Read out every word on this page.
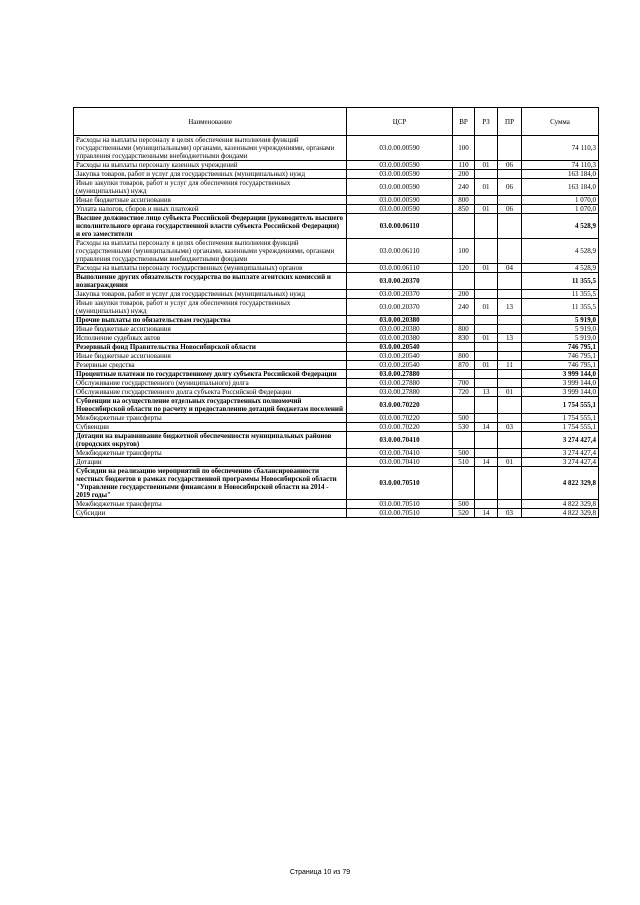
Наименование	ЦСР	ВР	РЗ	ПР	Сумма
Расходы на выплаты персоналу в целях обеспечения выполнения функций государственными (муниципальными) органами, казенными учреждениями, органами управления государственными внебюджетными фондами	03.0.00.00590	100			74 110,3
Расходы на выплаты персоналу казенных учреждений	03.0.00.00590	110	01	06	74 110,3
Закупка товаров, работ и услуг для государственных (муниципальных) нужд	03.0.00.00590	200			163 184,0
Иные закупки товаров, работ и услуг для обеспечения государственных (муниципальных) нужд	03.0.00.00590	240	01	06	163 184,0
Иные бюджетные ассигнования	03.0.00.00590	800			1 070,0
Уплата налогов, сборов и иных платежей	03.0.00.00590	850	01	06	1 070,0
Высшее должностное лицо субъекта Российской Федерации (руководитель высшего исполнительного органа государственной власти субъекта Российской Федерации) и его заместители	03.0.00.06110				4 528,9
Расходы на выплаты персоналу в целях обеспечения выполнения функций государственными (муниципальными) органами, казенными учреждениями, органами управления государственными внебюджетными фондами	03.0.00.06110	100			4 528,9
Расходы на выплаты персоналу государственных (муниципальных) органов	03.0.00.06110	120	01	04	4 528,9
Выполнение других обязательств государства по выплате агентских комиссий и вознаграждения	03.0.00.20370				11 355,5
Закупка товаров, работ и услуг для государственных (муниципальных) нужд	03.0.00.20370	200			11 355,5
Иные закупки товаров, работ и услуг для обеспечения государственных (муниципальных) нужд	03.0.00.20370	240	01	13	11 355,5
Прочие выплаты по обязательствам государства	03.0.00.20380				5 919,0
Иные бюджетные ассигнования	03.0.00.20380	800			5 919,0
Исполнение судебных актов	03.0.00.20380	830	01	13	5 919,0
Резервный фонд Правительства Новосибирской области	03.0.00.20540				746 795,1
Иные бюджетные ассигнования	03.0.00.20540	800			746 795,1
Резервные средства	03.0.00.20540	870	01	11	746 795,1
Процентные платежи по государственному долгу субъекта Российской Федерации	03.0.00.27880				3 999 144,0
Обслуживание государственного (муниципального) долга	03.0.00.27880	700			3 999 144,0
Обслуживание государственного долга субъекта Российской Федерации	03.0.00.27880	720	13	01	3 999 144,0
Субвенции на осуществление отдельных государственных полномочий Новосибирской области по расчету и предоставлению дотаций бюджетам поселений	03.0.00.70220				1 754 555,1
Межбюджетные трансферты	03.0.00.70220	500			1 754 555,1
Субвенции	03.0.00.70220	530	14	03	1 754 555,1
Дотации на выравнивание бюджетной обеспеченности муниципальных районов (городских округов)	03.0.00.70410				3 274 427,4
Межбюджетные трансферты	03.0.00.70410	500			3 274 427,4
Дотации	03.0.00.70410	510	14	01	3 274 427,4
Субсидии на реализацию мероприятий по обеспечению сбалансированности местных бюджетов в рамках государственной программы Новосибирской области "Управление государственными финансами в Новосибирской области на 2014 - 2019 годы"	03.0.00.70510				4 822 329,8
Межбюджетные трансферты	03.0.00.70510	500			4 822 329,8
Субсидии	03.0.00.70510	520	14	03	4 822 329,8
Страница 10 из 79
